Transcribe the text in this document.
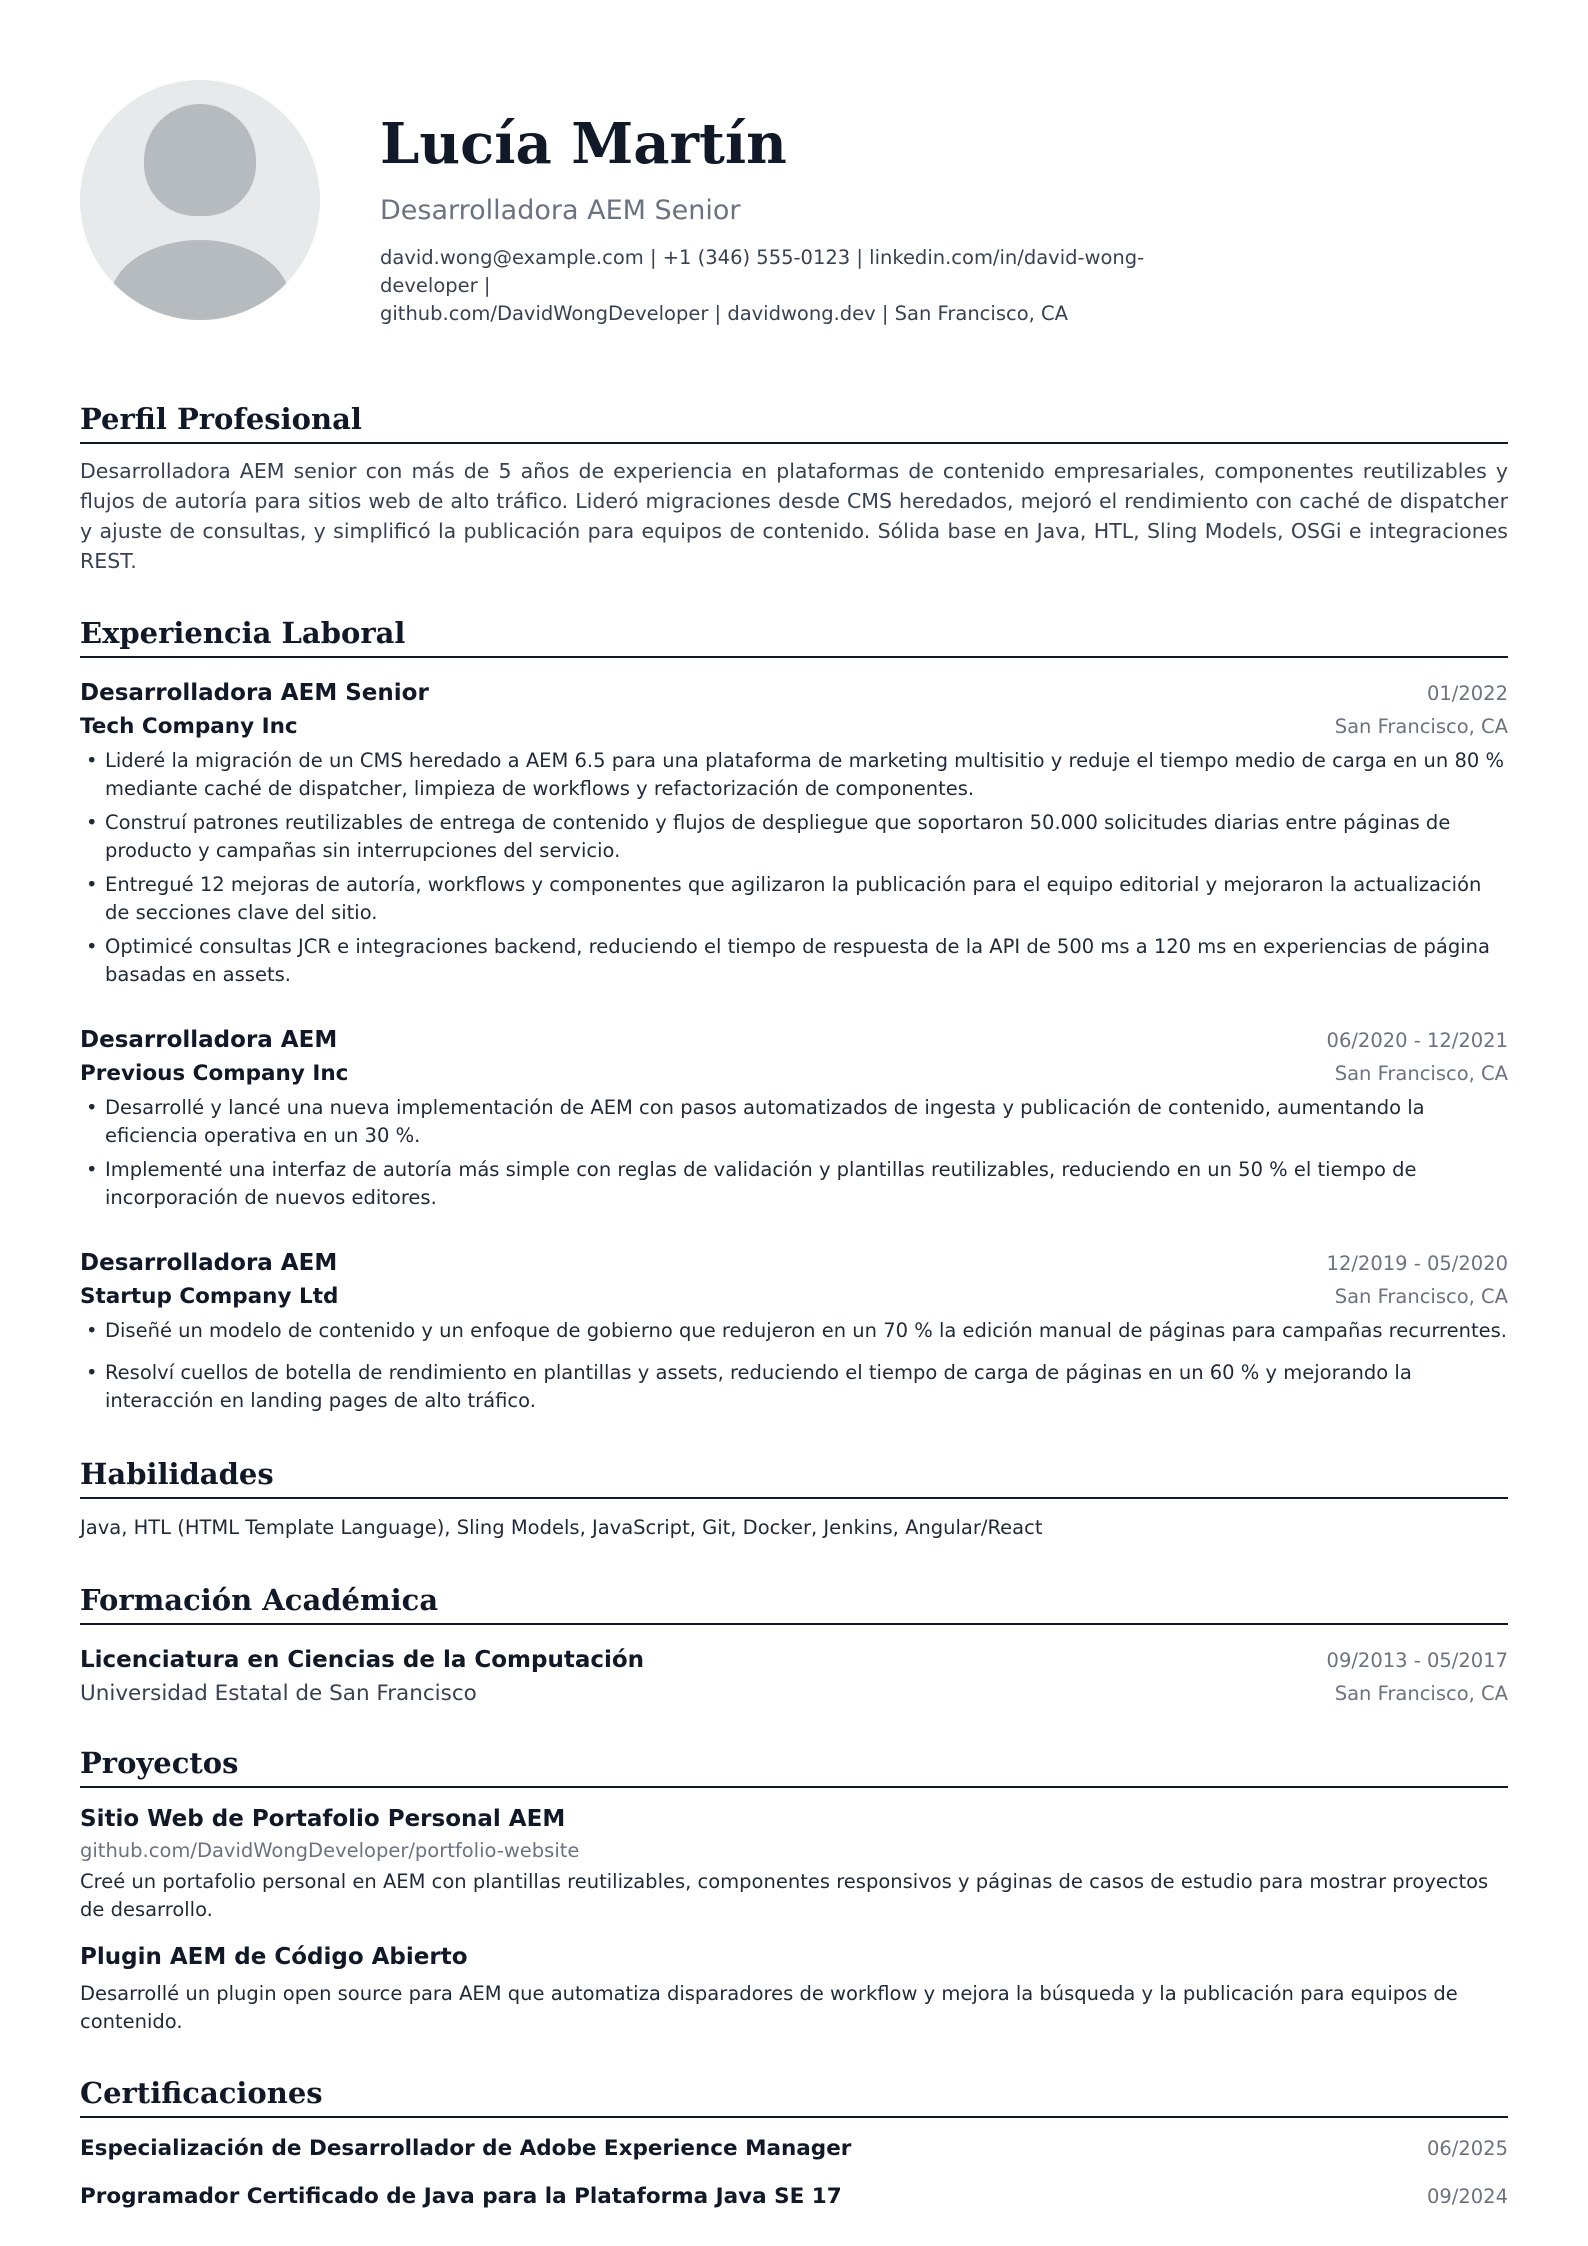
Lucía Martín
Desarrolladora AEM Senior
david.wong@example.com | +1 (346) 555-0123 | linkedin.com/in/david-wong-developer |
github.com/DavidWongDeveloper | davidwong.dev | San Francisco, CA
Perfil Profesional

Desarrolladora AEM senior con más de 5 años de experiencia en plataformas de contenido empresariales, componentes reutilizables y flujos de autoría para sitios web de alto tráfico. Lideró migraciones desde CMS heredados, mejoró el rendimiento con caché de dispatcher y ajuste de consultas, y simplificó la publicación para equipos de contenido. Sólida base en Java, HTL, Sling Models, OSGi e integraciones REST.

Experiencia Laboral
Desarrolladora AEM Senior	01/2022
Tech Company Inc	San Francisco, CA
• Lideré la migración de un CMS heredado a AEM 6.5 para una plataforma de marketing multisitio y reduje el tiempo medio de carga en un 80 % mediante caché de dispatcher, limpieza de workflows y refactorización de componentes.
• Construí patrones reutilizables de entrega de contenido y flujos de despliegue que soportaron 50.000 solicitudes diarias entre páginas de producto y campañas sin interrupciones del servicio.
• Entregué 12 mejoras de autoría, workflows y componentes que agilizaron la publicación para el equipo editorial y mejoraron la actualización de secciones clave del sitio.
• Optimicé consultas JCR e integraciones backend, reduciendo el tiempo de respuesta de la API de 500 ms a 120 ms en experiencias de página basadas en assets.
Desarrolladora AEM	06/2020 - 12/2021
Previous Company Inc	San Francisco, CA
• Desarrollé y lancé una nueva implementación de AEM con pasos automatizados de ingesta y publicación de contenido, aumentando la eficiencia operativa en un 30 %.
• Implementé una interfaz de autoría más simple con reglas de validación y plantillas reutilizables, reduciendo en un 50 % el tiempo de incorporación de nuevos editores.
Desarrolladora AEM	12/2019 - 05/2020
Startup Company Ltd	San Francisco, CA
• Diseñé un modelo de contenido y un enfoque de gobierno que redujeron en un 70 % la edición manual de páginas para campañas recurrentes.
• Resolví cuellos de botella de rendimiento en plantillas y assets, reduciendo el tiempo de carga de páginas en un 60 % y mejorando la interacción en landing pages de alto tráfico.
Habilidades
Java, HTL (HTML Template Language), Sling Models, JavaScript, Git, Docker, Jenkins, Angular/React
Formación Académica
Licenciatura en Ciencias de la Computación	09/2013 - 05/2017
Universidad Estatal de San Francisco	San Francisco, CA
Proyectos
Sitio Web de Portafolio Personal AEM
github.com/DavidWongDeveloper/portfolio-website
Creé un portafolio personal en AEM con plantillas reutilizables, componentes responsivos y páginas de casos de estudio para mostrar proyectos de desarrollo.
Plugin AEM de Código Abierto
Desarrollé un plugin open source para AEM que automatiza disparadores de workflow y mejora la búsqueda y la publicación para equipos de contenido.
Certificaciones
Especialización de Desarrollador de Adobe Experience Manager	06/2025
Programador Certificado de Java para la Plataforma Java SE 17	09/2024
